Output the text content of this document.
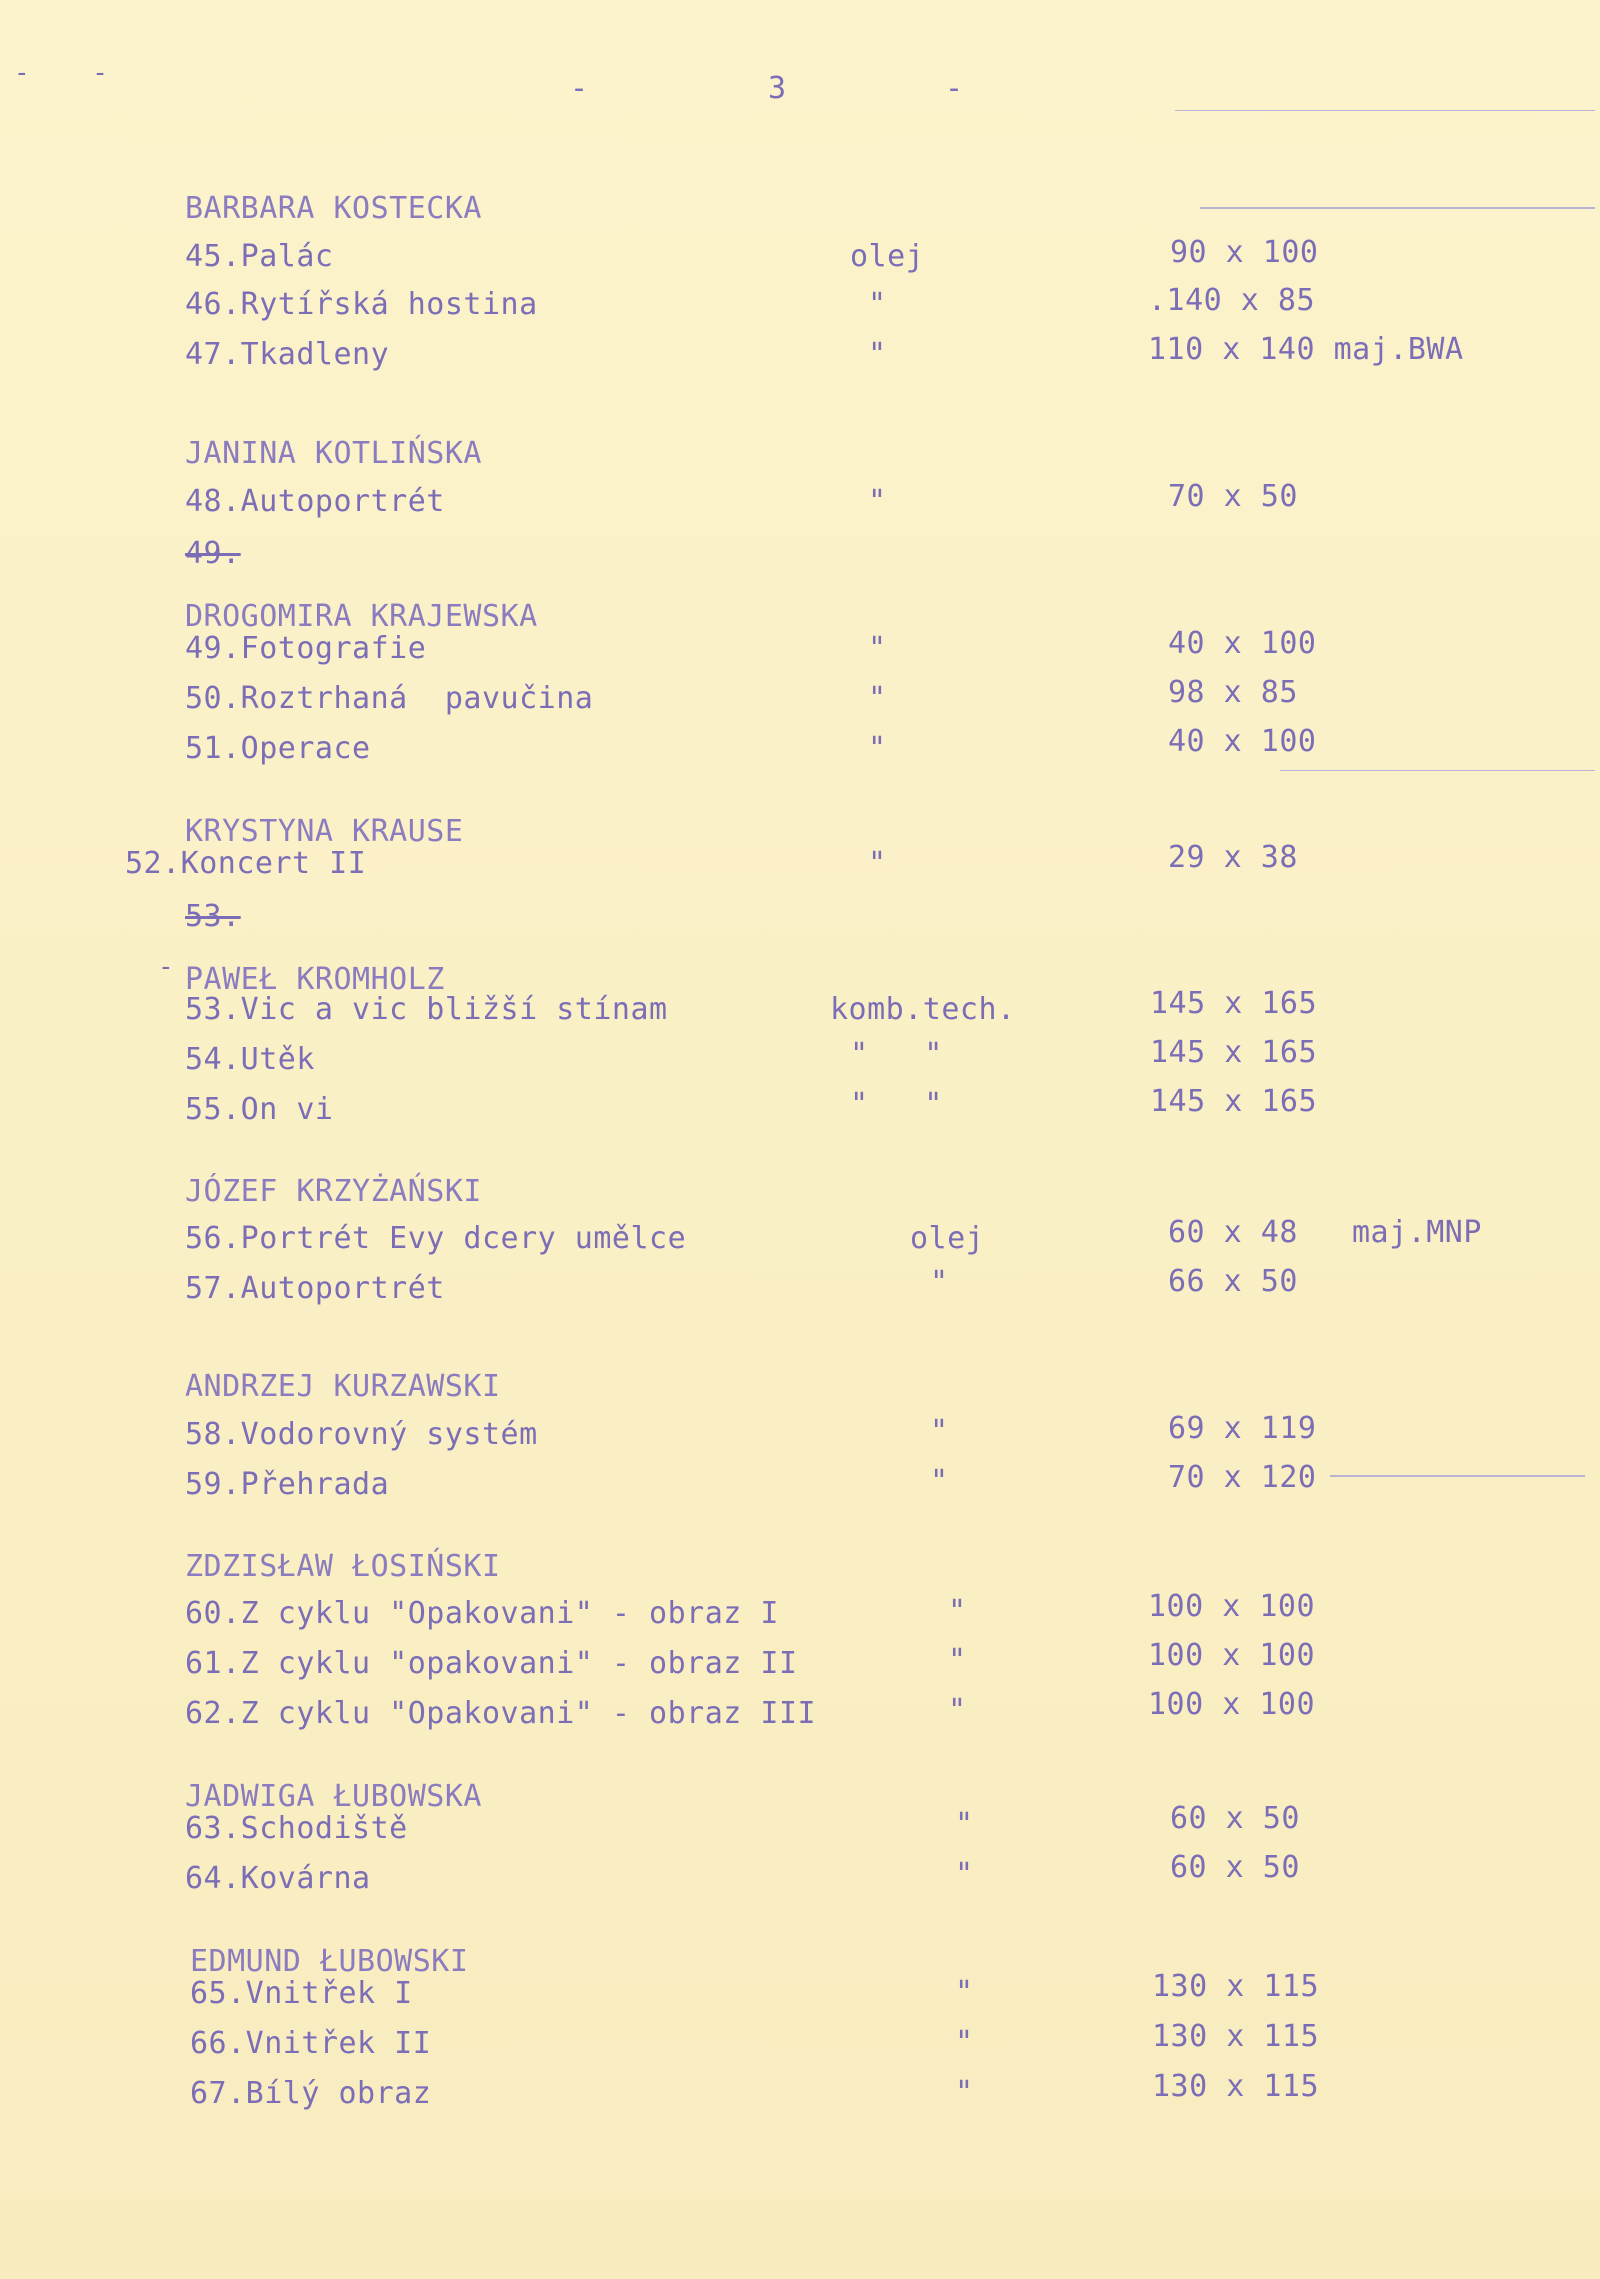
-	3	-
-    -
BARBARA KOSTECKA
45.Palác	olej	90 x 100
46.Rytířská hostina	"	.140 x 85
47.Tkadleny	"	110 x 140 maj.BWA
JANINA KOTLIŃSKA
48.Autoportrét	"	70 x 50
49.
DROGOMIRA KRAJEWSKA
49.Fotografie	"	40 x 100
50.Roztrhaná  pavučina	"	98 x 85
51.Operace	"	40 x 100
KRYSTYNA KRAUSE
52.Koncert II	"	29 x 38
53.
- PAWEŁ KROMHOLZ
53.Vic a vic bližší stínam	komb.tech.	145 x 165
54.Utěk	"   "	145 x 165
55.On vi	"   "	145 x 165
JÓZEF KRZYŻAŃSKI
56.Portrét Evy dcery umělce	olej	60 x 48 maj.MNP
57.Autoportrét	"	66 x 50
ANDRZEJ KURZAWSKI
58.Vodorovný systém	"	69 x 119
59.Přehrada	"	70 x 120
ZDZISŁAW ŁOSIŃSKI
60.Z cyklu "Opakovani" - obraz I	"	100 x 100
61.Z cyklu "opakovani" - obraz II	"	100 x 100
62.Z cyklu "Opakovani" - obraz III	"	100 x 100
JADWIGA ŁUBOWSKA
63.Schodiště	"	60 x 50
64.Kovárna	"	60 x 50
EDMUND ŁUBOWSKI
65.Vnitřek I	"	130 x 115
66.Vnitřek II	"	130 x 115
67.Bílý obraz	"	130 x 115
